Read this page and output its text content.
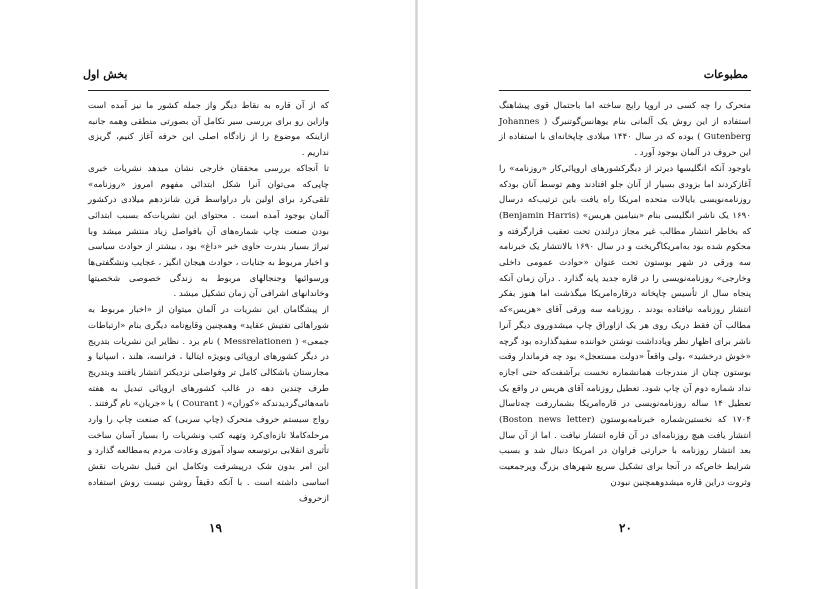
بخش اول

که از آن قاره به نقاط دیگر واز جمله کشور ما نیز آمده است وازاین رو برای بررسی سیر تکامل آن بصورتی منطقی وهمه جانبه ازاینکه موضوع را از زادگاه اصلی این حرفه آغاز کنیم، گریزی نداریم .

تا آنجاکه بررسی محققان خارجی نشان میدهد نشریات خبری چاپی‌که می‌توان آنرا شکل ابتدائی مفهوم امروز «روزنامه» تلقی‌کرد برای اولین بار دراواسط قرن شانزدهم میلادی درکشور آلمان بوجود آمده است . محتوای این نشریات‌که بسبب ابتدائی بودن صنعت چاپ شماره‌های آن بافواصل زیاد منتشر میشد وبا تیراژ بسیار بندرت حاوی خبر «داغ» بود ، بیشتر از حوادث سیاسی و اخبار مربوط به جنایات ، حوادث هیجان انگیز ، عجایب ونشگفتی‌ها ورسوائیها وجنجالهای مربوط به زندگی خصوصی شخصیتها وخاندانهای اشرافی آن زمان تشکیل میشد .

از پیشگامان این نشریات در آلمان میتوان از «اخبار مربوط به شوراهائی تفتیش عقاید» وهمچنین وقایع‌نامه دیگری بنام «ارتباطات جمعی» ( Messrelationen ) نام برد . نظایر این نشریات بتدریج در دیگر کشورهای اروپائی وبویژه ایتالیا ، فرانسه، هلند ، اسپانیا و مجارستان باشکالی کامل تر وفواصلی نزدیکتر انتشار یافتند وبتدریج طرف چندین دهه در غالب کشورهای اروپائی تبدیل به هفته نامه‌هائی‌گردیدند‌که «کوران» ( Courant ) یا «جریان» نام گرفتند .

رواج سیستم حروف متحرک (چاپ سربی) که صنعت چاپ را وارد مرحله‌کاملا تازه‌ای‌کرد وتهیه کتب ونشریات را بسیار آسان ساخت تأثیری انقلابی برتوسعه سواد آموزی وعادت مردم به‌مطالعه گذارد و این امر بدون شک درپیشرفت وتکامل این قبیل نشریات نقش اساسی داشته است . با آنکه دقیقاً روشن نیست روش استفاده ازحروف

۱۹
مطبوعات

متحرک را چه کسی در اروپا رایج ساخته اما باحتمال قوی پیشاهنگ استفاده از این روش یک آلمانی بنام یوهانس‌گوتنبرگ Johannes ) Gutenberg ) بوده که در سال ۱۴۴۰ میلادی چاپخانه‌ای با استفاده از این حروف در آلمان بوجود آورد .

باوجود آنکه انگلیسها دیرتر از دیگرکشورهای اروپائی‌کار «روزنامه» را آغازکردند اما بزودی بسیار از آنان جلو افتادند وهم توسط آنان بود‌که روزنامه‌نویسی بایالات متحده امریکا راه یافت باین ترتیب‌که درسال ۱۶۹۰ یک ناشر انگلیسی بنام «بنیامین هریس» (Benjamin Harris) که بخاطر انتشار مطالب غیر مجاز درلندن تحت تعقیب قرارگرفته و محکوم شده بود به‌امریکاگریخت و در سال ۱۶۹۰ بالانتشار یک خبرنامه سه ورقی در شهر بوستون تحت عنوان «حوادث عمومی داخلی وخارجی» روزنامه‌نویسی را در قاره جدید پایه گذارد . درآن زمان آنکه پنجاه سال از تأسیس چاپخانه درقاره‌امریکا میگذشت اما هنوز بفکر انتشار روزنامه نیافتاده بودند . روزنامه سه ورقی آقای «هریس»‌که مطالب آن فقط دریک روی هر یک ازاوراق چاپ میشدوروی دیگر آنرا ناشر برای اظهار نظر ویادداشت نوشتن خواننده سفیدگذارده بود گرچه «خوش درخشید» ،ولی واقعاً «دولت مستعجل» بود چه فرماندار وقت بوستون چنان از مندرجات همانشماره نخست برآشفت‌که حتی اجازه نداد شماره دوم آن چاپ شود. تعطیل روزنامه آقای هریس در واقع یک تعطیل ۱۴ ساله روزنامه‌نویسی در قاره‌امریکا بشماررفت چه‌تاسال ۱۷۰۴ که نخستین‌شماره خبرنامه‌بوستون (Boston news letter) انتشار یافت هیچ روزنامه‌ای در آن قاره انتشار نیافت . اما از آن سال بعد انتشار روزنامه با حرارتی فراوان در امریکا دنبال شد و بسبب شرایط خاص‌که در آنجا برای تشکیل سریع شهرهای بزرگ وپرجمعیت وثروت دراین قاره میشدوهمچنین نبودن

۲۰
